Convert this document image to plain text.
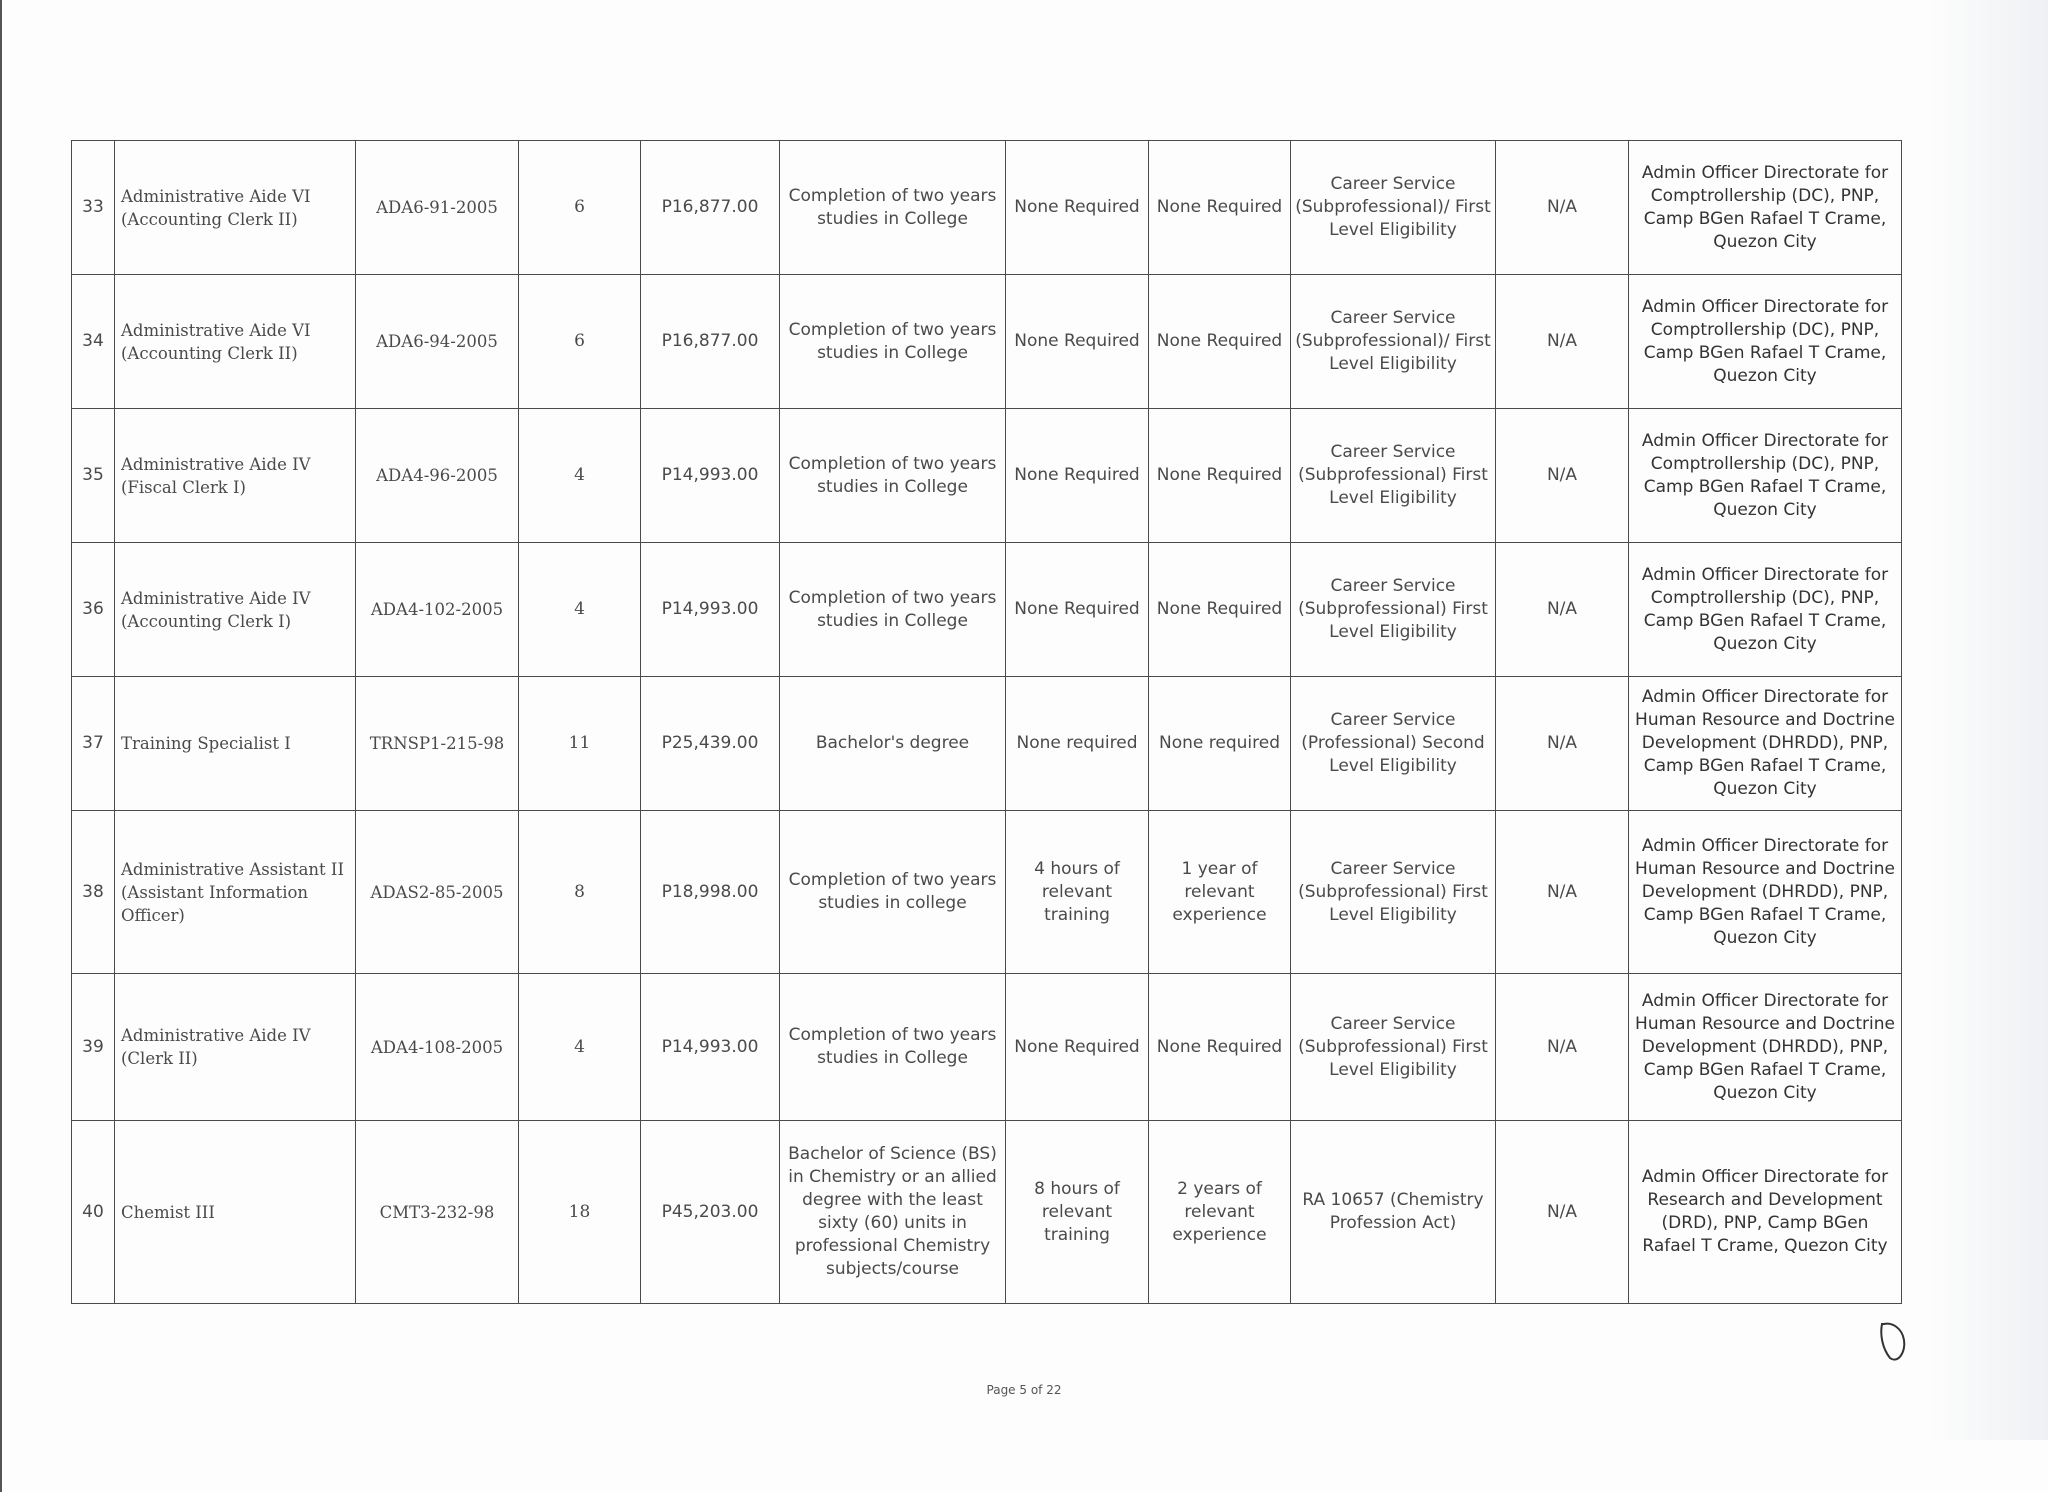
33	Administrative Aide VI (Accounting Clerk II)	ADA6-91-2005	6	P16,877.00	Completion of two years studies in College	None Required	None Required	Career Service (Subprofessional)/ First Level Eligibility	N/A	Admin Officer Directorate for Comptrollership (DC), PNP, Camp BGen Rafael T Crame, Quezon City
34	Administrative Aide VI (Accounting Clerk II)	ADA6-94-2005	6	P16,877.00	Completion of two years studies in College	None Required	None Required	Career Service (Subprofessional)/ First Level Eligibility	N/A	Admin Officer Directorate for Comptrollership (DC), PNP, Camp BGen Rafael T Crame, Quezon City
35	Administrative Aide IV (Fiscal Clerk I)	ADA4-96-2005	4	P14,993.00	Completion of two years studies in College	None Required	None Required	Career Service (Subprofessional) First Level Eligibility	N/A	Admin Officer Directorate for Comptrollership (DC), PNP, Camp BGen Rafael T Crame, Quezon City
36	Administrative Aide IV (Accounting Clerk I)	ADA4-102-2005	4	P14,993.00	Completion of two years studies in College	None Required	None Required	Career Service (Subprofessional) First Level Eligibility	N/A	Admin Officer Directorate for Comptrollership (DC), PNP, Camp BGen Rafael T Crame, Quezon City
37	Training Specialist I	TRNSP1-215-98	11	P25,439.00	Bachelor's degree	None required	None required	Career Service (Professional) Second Level Eligibility	N/A	Admin Officer Directorate for Human Resource and Doctrine Development (DHRDD), PNP, Camp BGen Rafael T Crame, Quezon City
38	Administrative Assistant II (Assistant Information Officer)	ADAS2-85-2005	8	P18,998.00	Completion of two years studies in college	4 hours of relevant training	1 year of relevant experience	Career Service (Subprofessional) First Level Eligibility	N/A	Admin Officer Directorate for Human Resource and Doctrine Development (DHRDD), PNP, Camp BGen Rafael T Crame, Quezon City
39	Administrative Aide IV (Clerk II)	ADA4-108-2005	4	P14,993.00	Completion of two years studies in College	None Required	None Required	Career Service (Subprofessional) First Level Eligibility	N/A	Admin Officer Directorate for Human Resource and Doctrine Development (DHRDD), PNP, Camp BGen Rafael T Crame, Quezon City
40	Chemist III	CMT3-232-98	18	P45,203.00	Bachelor of Science (BS) in Chemistry or an allied degree with the least sixty (60) units in professional Chemistry subjects/course	8 hours of relevant training	2 years of relevant experience	RA 10657 (Chemistry Profession Act)	N/A	Admin Officer Directorate for Research and Development (DRD), PNP, Camp BGen Rafael T Crame, Quezon City
Page 5 of 22
